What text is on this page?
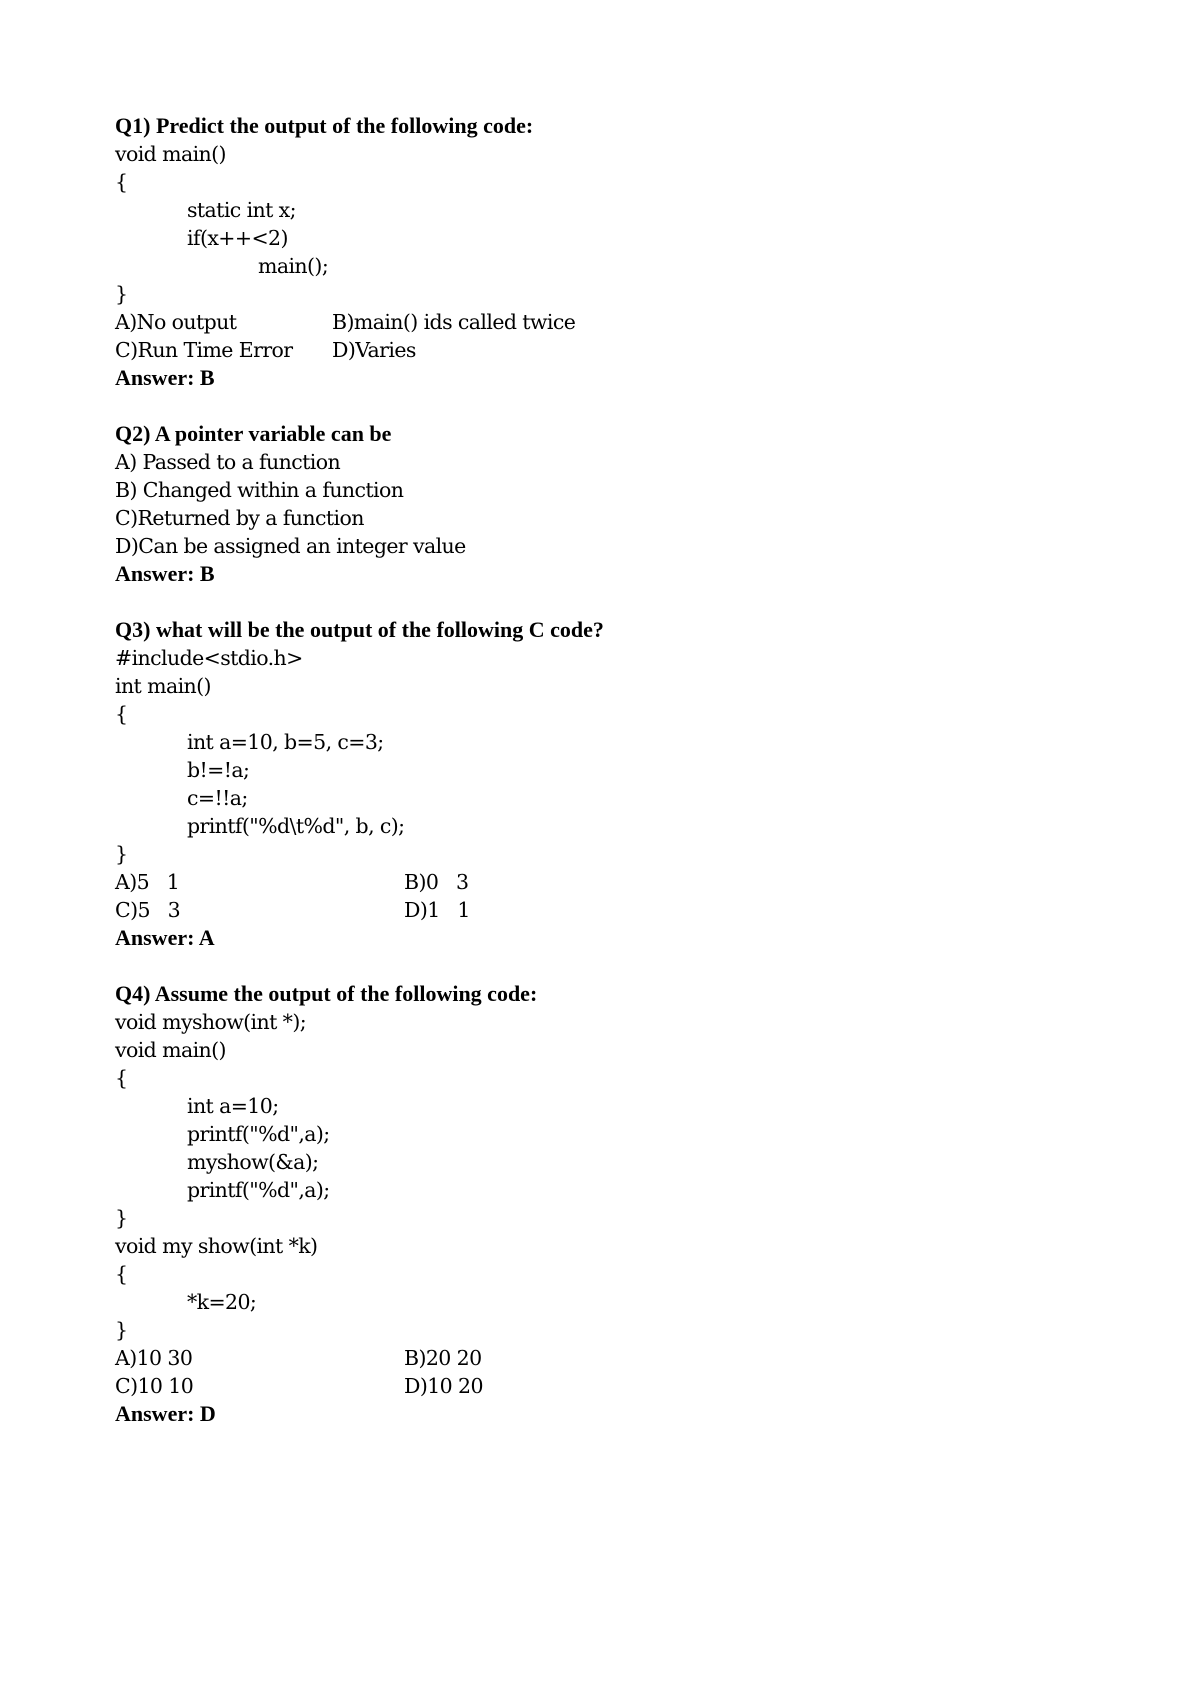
Q1) Predict the output of the following code:
void main()
{
static int x;
if(x++<2)
main();
}
A)No output	B)main() ids called twice
C)Run Time Error	D)Varies
Answer: B
Q2) A pointer variable can be
A) Passed to a function
B) Changed within a function
C)Returned by a function
D)Can be assigned an integer value
Answer: B
Q3) what will be the output of the following C code?
#include<stdio.h>
int main()
{
int a=10, b=5, c=3;
b!=!a;
c=!!a;
printf("%d\t%d", b, c);
}
A)5   1	B)0   3
C)5   3	D)1   1
Answer: A
Q4) Assume the output of the following code:
void myshow(int *);
void main()
{
int a=10;
printf("%d",a);
myshow(&a);
printf("%d",a);
}
void my show(int *k)
{
*k=20;
}
A)10 30	B)20 20
C)10 10	D)10 20
Answer: D
